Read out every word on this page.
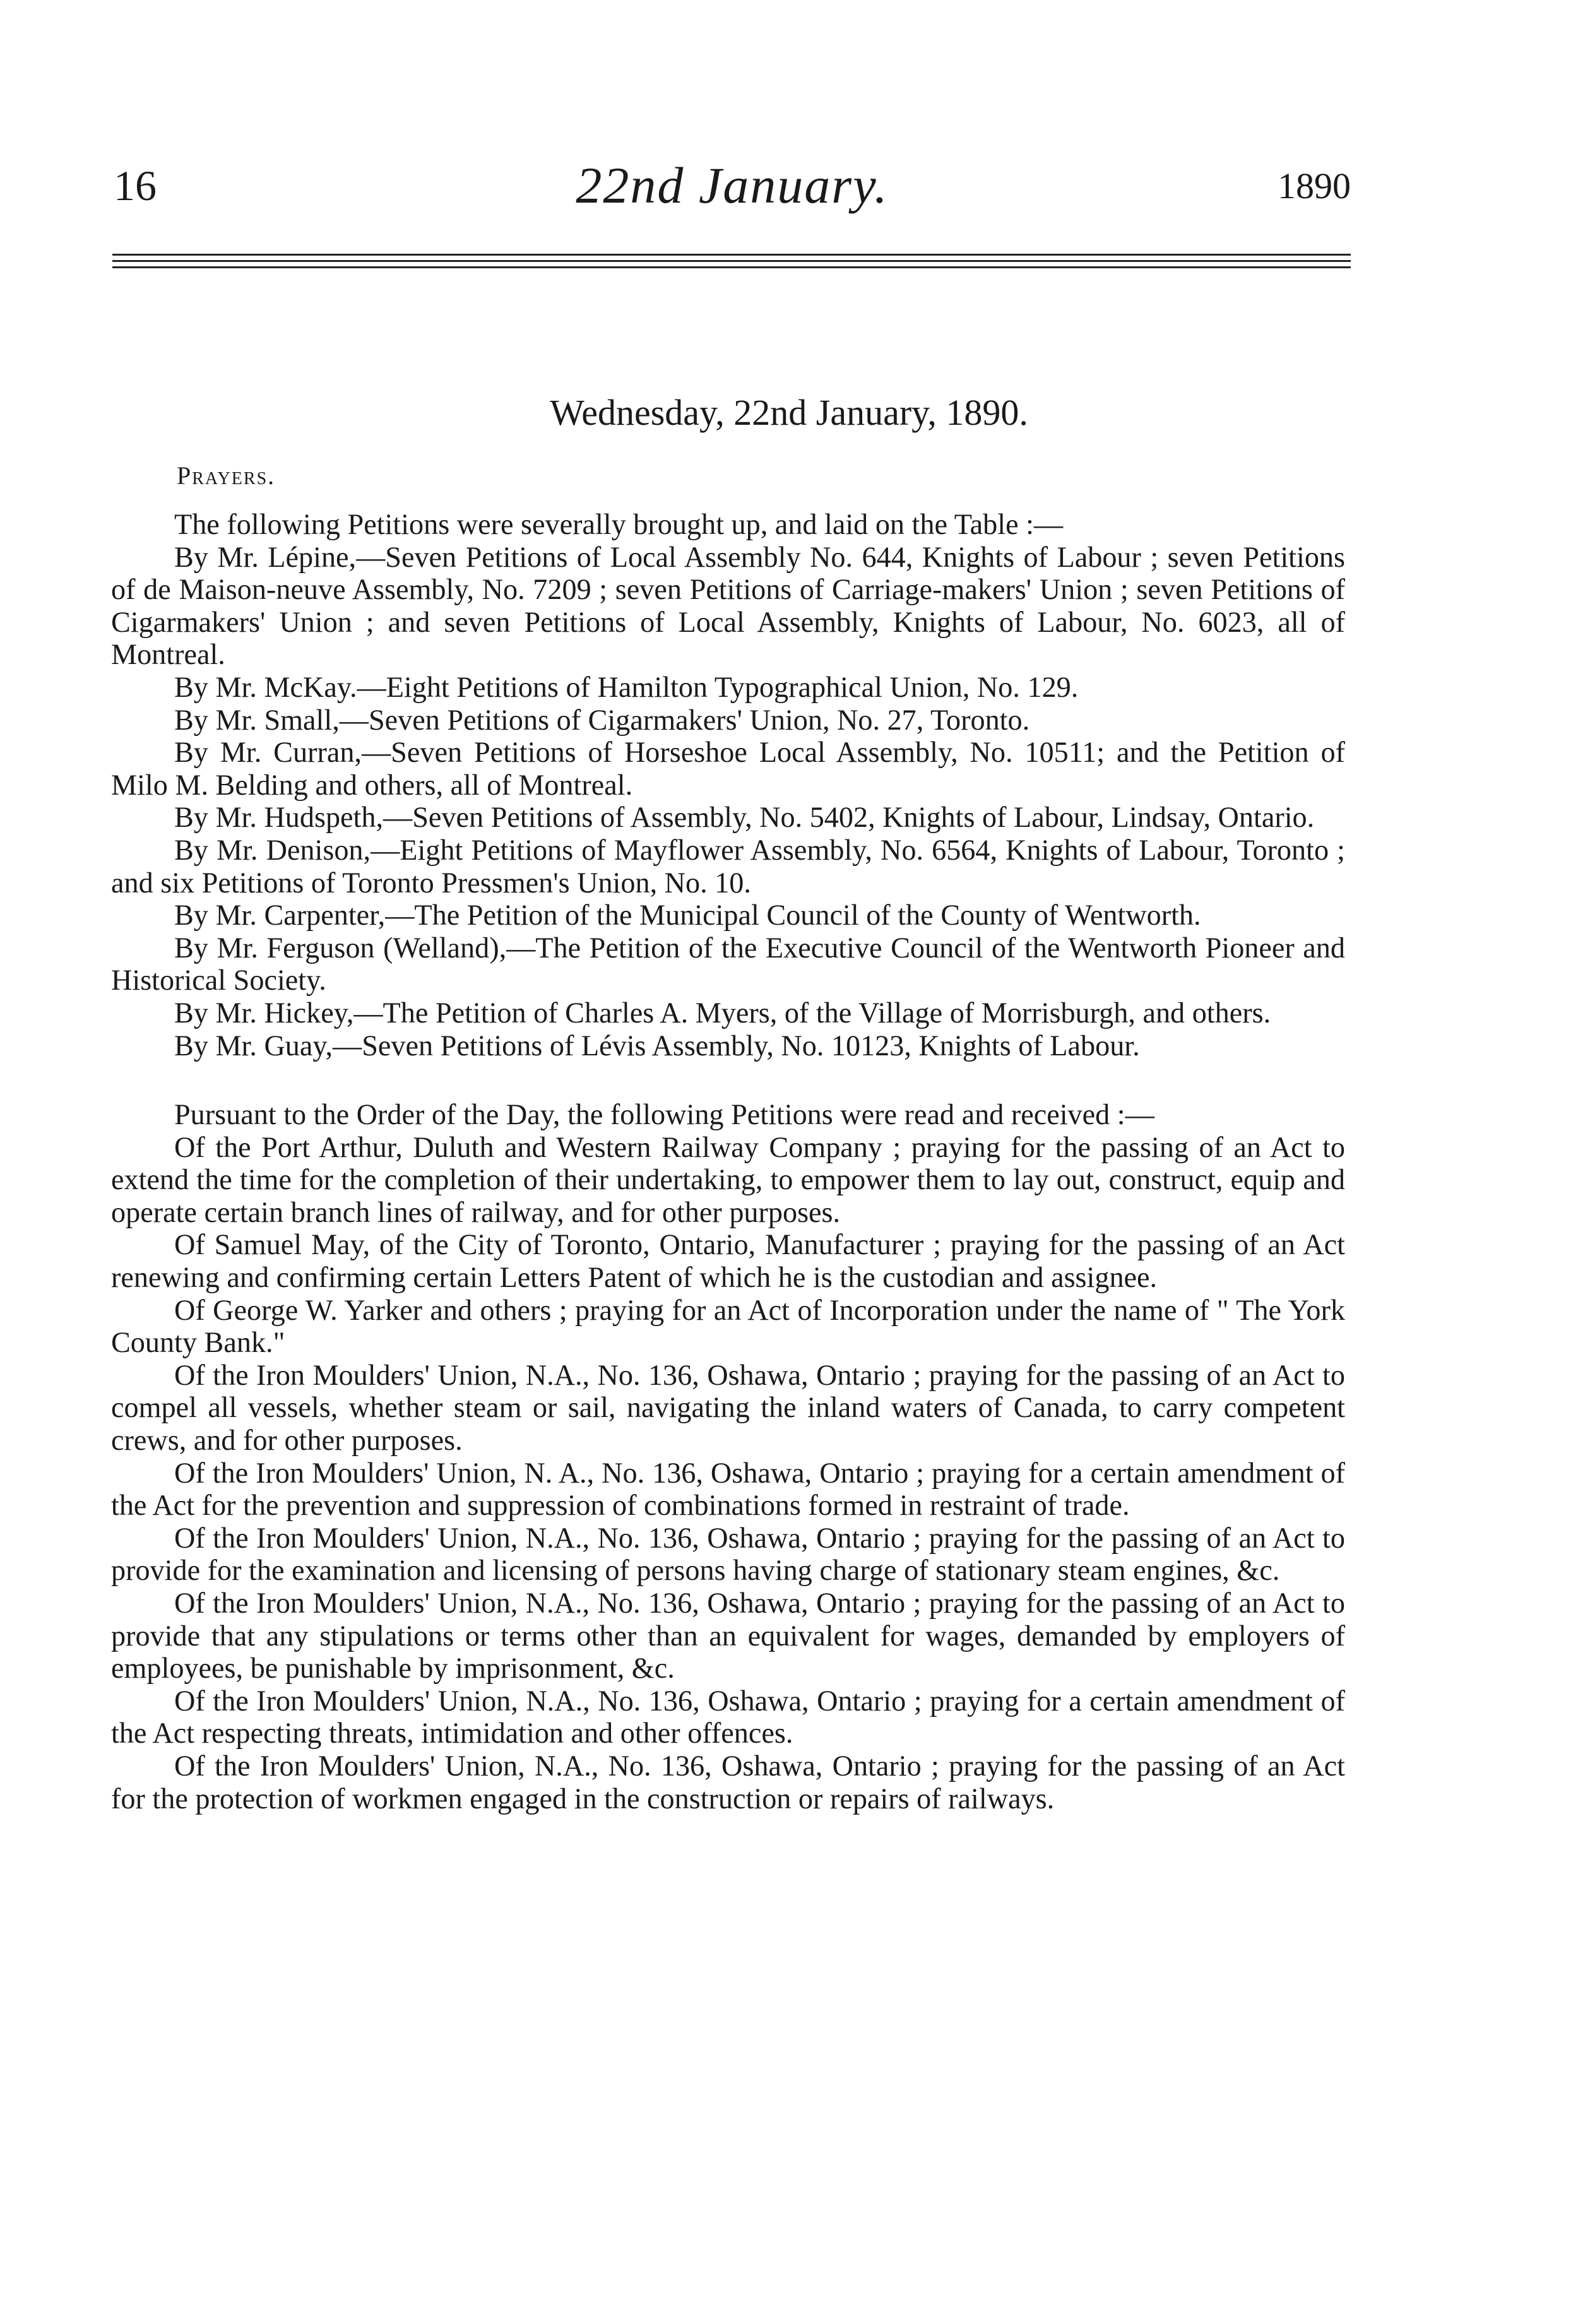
16	22nd January.	1890
Wednesday, 22nd January, 1890.
Prayers.

The following Petitions were severally brought up, and laid on the Table :—

By Mr. Lépine,—Seven Petitions of Local Assembly No. 644, Knights of Labour ; seven Petitions of de Maison-neuve Assembly, No. 7209 ; seven Petitions of Carriage-makers' Union ; seven Petitions of Cigarmakers' Union ; and seven Petitions of Local Assembly, Knights of Labour, No. 6023, all of Montreal.

By Mr. McKay.—Eight Petitions of Hamilton Typographical Union, No. 129.

By Mr. Small,—Seven Petitions of Cigarmakers' Union, No. 27, Toronto.

By Mr. Curran,—Seven Petitions of Horseshoe Local Assembly, No. 10511; and the Petition of Milo M. Belding and others, all of Montreal.

By Mr. Hudspeth,—Seven Petitions of Assembly, No. 5402, Knights of Labour, Lindsay, Ontario.

By Mr. Denison,—Eight Petitions of Mayflower Assembly, No. 6564, Knights of Labour, Toronto ; and six Petitions of Toronto Pressmen's Union, No. 10.

By Mr. Carpenter,—The Petition of the Municipal Council of the County of Wentworth.

By Mr. Ferguson (Welland),—The Petition of the Executive Council of the Wentworth Pioneer and Historical Society.

By Mr. Hickey,—The Petition of Charles A. Myers, of the Village of Morrisburgh, and others.

By Mr. Guay,—Seven Petitions of Lévis Assembly, No. 10123, Knights of Labour.

Pursuant to the Order of the Day, the following Petitions were read and received :—

Of the Port Arthur, Duluth and Western Railway Company ; praying for the passing of an Act to extend the time for the completion of their undertaking, to empower them to lay out, construct, equip and operate certain branch lines of railway, and for other purposes.

Of Samuel May, of the City of Toronto, Ontario, Manufacturer ; praying for the passing of an Act renewing and confirming certain Letters Patent of which he is the custodian and assignee.

Of George W. Yarker and others ; praying for an Act of Incorporation under the name of " The York County Bank."

Of the Iron Moulders' Union, N.A., No. 136, Oshawa, Ontario ; praying for the passing of an Act to compel all vessels, whether steam or sail, navigating the inland waters of Canada, to carry competent crews, and for other purposes.

Of the Iron Moulders' Union, N. A., No. 136, Oshawa, Ontario ; praying for a certain amendment of the Act for the prevention and suppression of combinations formed in restraint of trade.

Of the Iron Moulders' Union, N.A., No. 136, Oshawa, Ontario ; praying for the passing of an Act to provide for the examination and licensing of persons having charge of stationary steam engines, &c.

Of the Iron Moulders' Union, N.A., No. 136, Oshawa, Ontario ; praying for the passing of an Act to provide that any stipulations or terms other than an equivalent for wages, demanded by employers of employees, be punishable by imprisonment, &c.

Of the Iron Moulders' Union, N.A., No. 136, Oshawa, Ontario ; praying for a certain amendment of the Act respecting threats, intimidation and other offences.

Of the Iron Moulders' Union, N.A., No. 136, Oshawa, Ontario ; praying for the passing of an Act for the protection of workmen engaged in the construction or repairs of railways.
